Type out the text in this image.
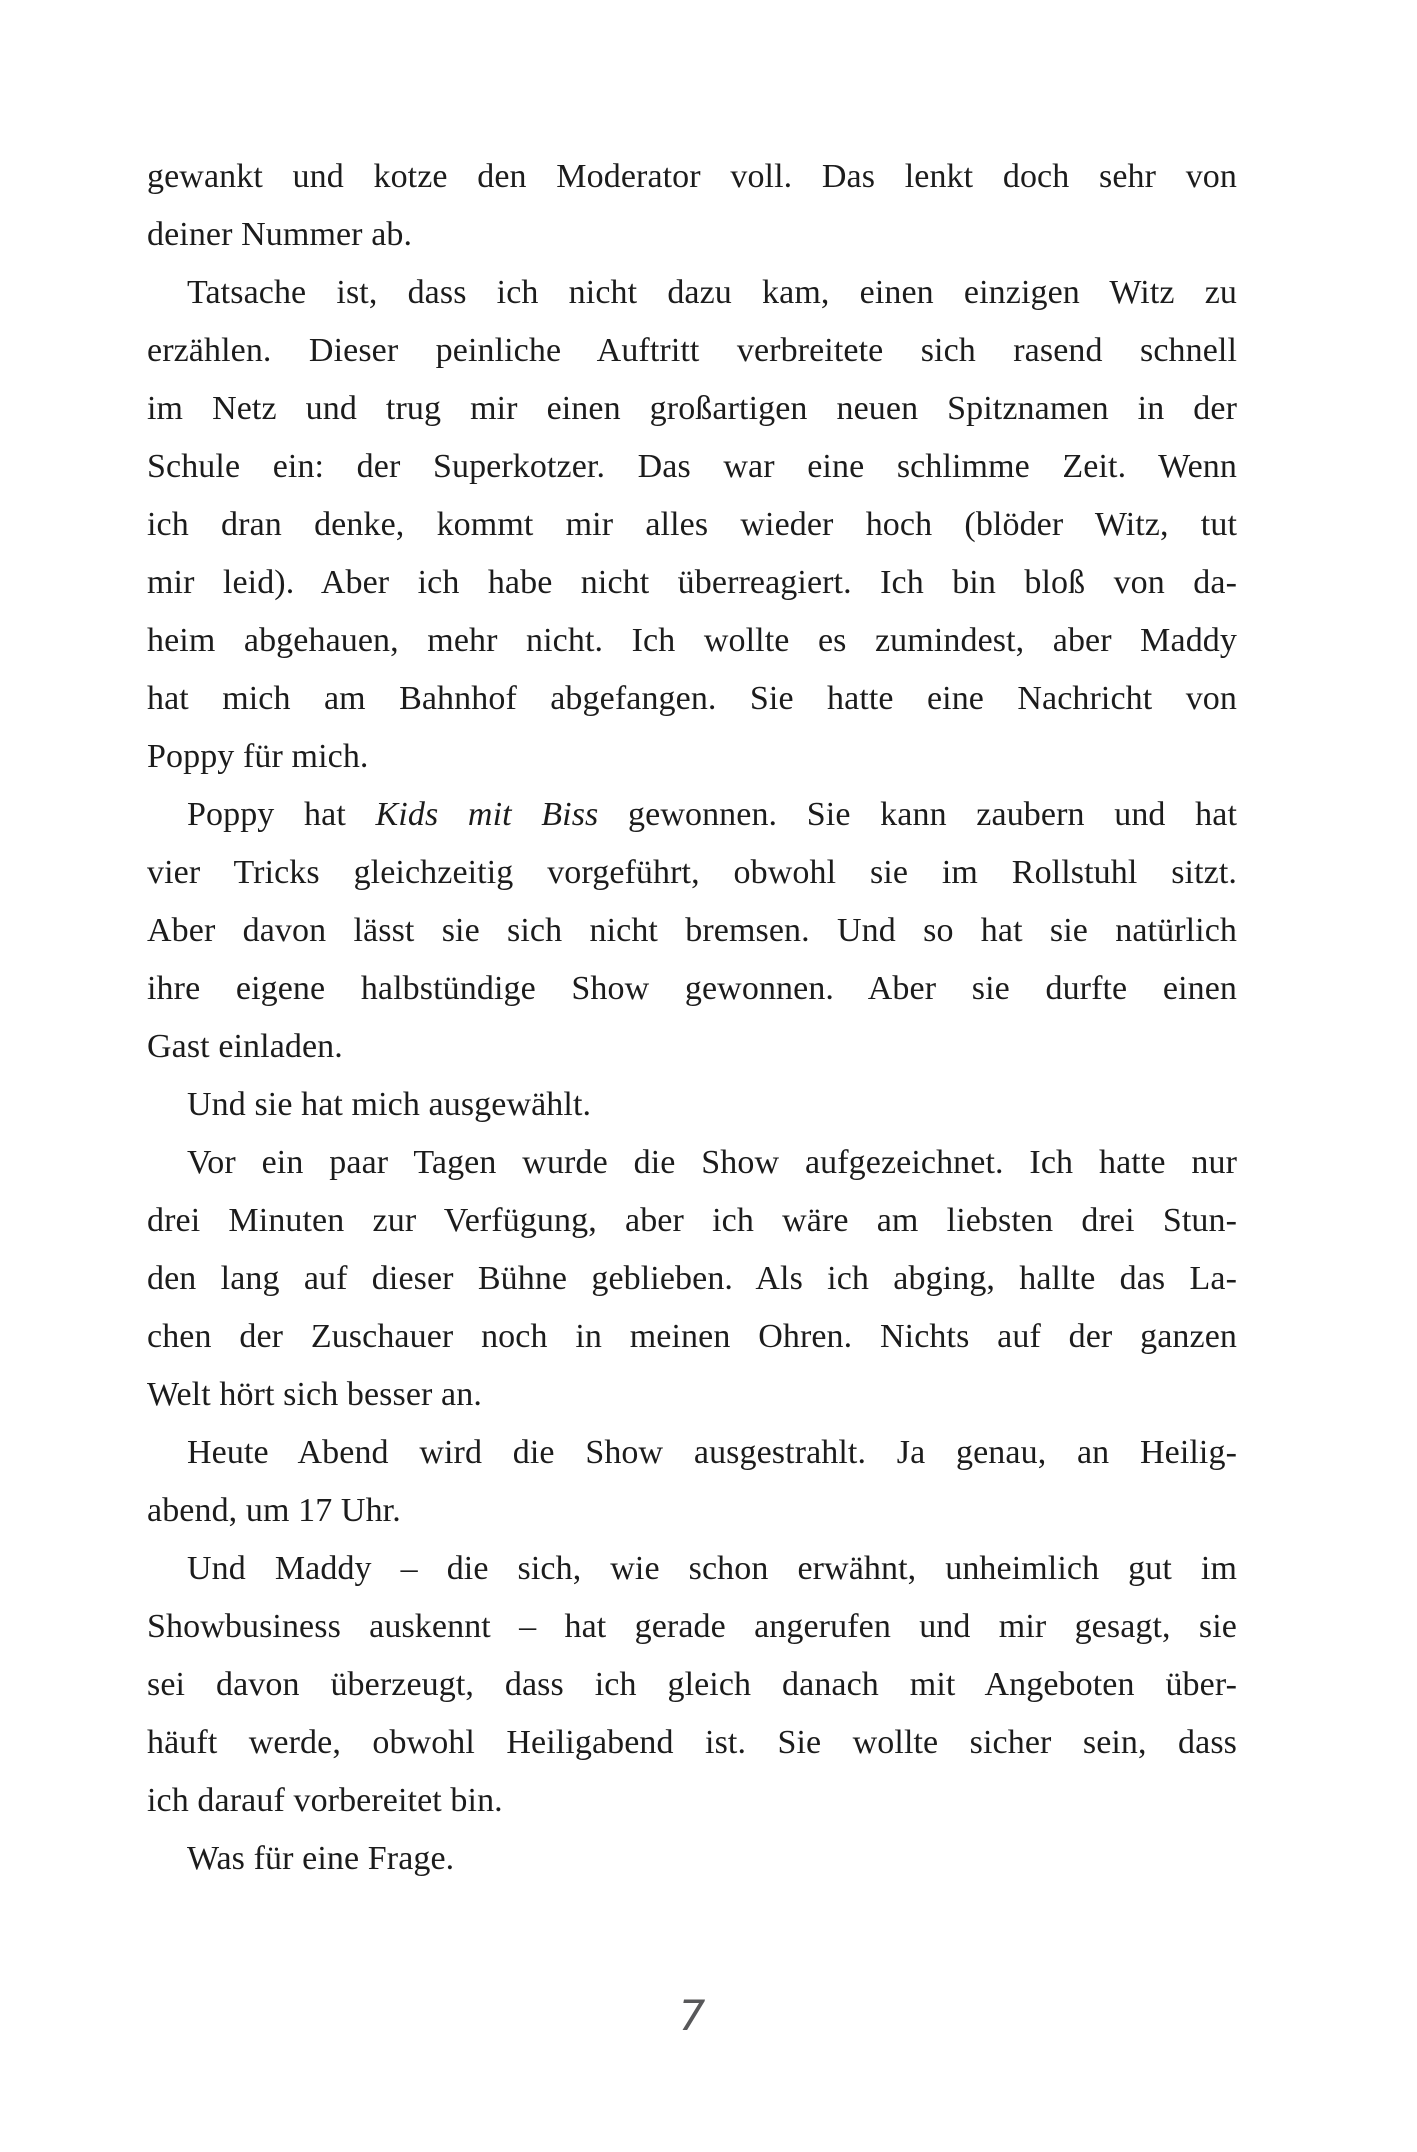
gewankt und kotze den Moderator voll. Das lenkt doch sehr von
deiner Nummer ab.
Tatsache ist, dass ich nicht dazu kam, einen einzigen Witz zu
erzählen. Dieser peinliche Auftritt verbreitete sich rasend schnell
im Netz und trug mir einen großartigen neuen Spitznamen in der
Schule ein: der Superkotzer. Das war eine schlimme Zeit. Wenn
ich dran denke, kommt mir alles wieder hoch (blöder Witz, tut
mir leid). Aber ich habe nicht überreagiert. Ich bin bloß von da-
heim abgehauen, mehr nicht. Ich wollte es zumindest, aber Maddy
hat mich am Bahnhof abgefangen. Sie hatte eine Nachricht von
Poppy für mich.
Poppy hat Kids mit Biss gewonnen. Sie kann zaubern und hat
vier Tricks gleichzeitig vorgeführt, obwohl sie im Rollstuhl sitzt.
Aber davon lässt sie sich nicht bremsen. Und so hat sie natürlich
ihre eigene halbstündige Show gewonnen. Aber sie durfte einen
Gast einladen.
Und sie hat mich ausgewählt.
Vor ein paar Tagen wurde die Show aufgezeichnet. Ich hatte nur
drei Minuten zur Verfügung, aber ich wäre am liebsten drei Stun-
den lang auf dieser Bühne geblieben. Als ich abging, hallte das La-
chen der Zuschauer noch in meinen Ohren. Nichts auf der ganzen
Welt hört sich besser an.
Heute Abend wird die Show ausgestrahlt. Ja genau, an Heilig-
abend, um 17 Uhr.
Und Maddy – die sich, wie schon erwähnt, unheimlich gut im
Showbusiness auskennt – hat gerade angerufen und mir gesagt, sie
sei davon überzeugt, dass ich gleich danach mit Angeboten über-
häuft werde, obwohl Heiligabend ist. Sie wollte sicher sein, dass
ich darauf vorbereitet bin.
Was für eine Frage.
7
